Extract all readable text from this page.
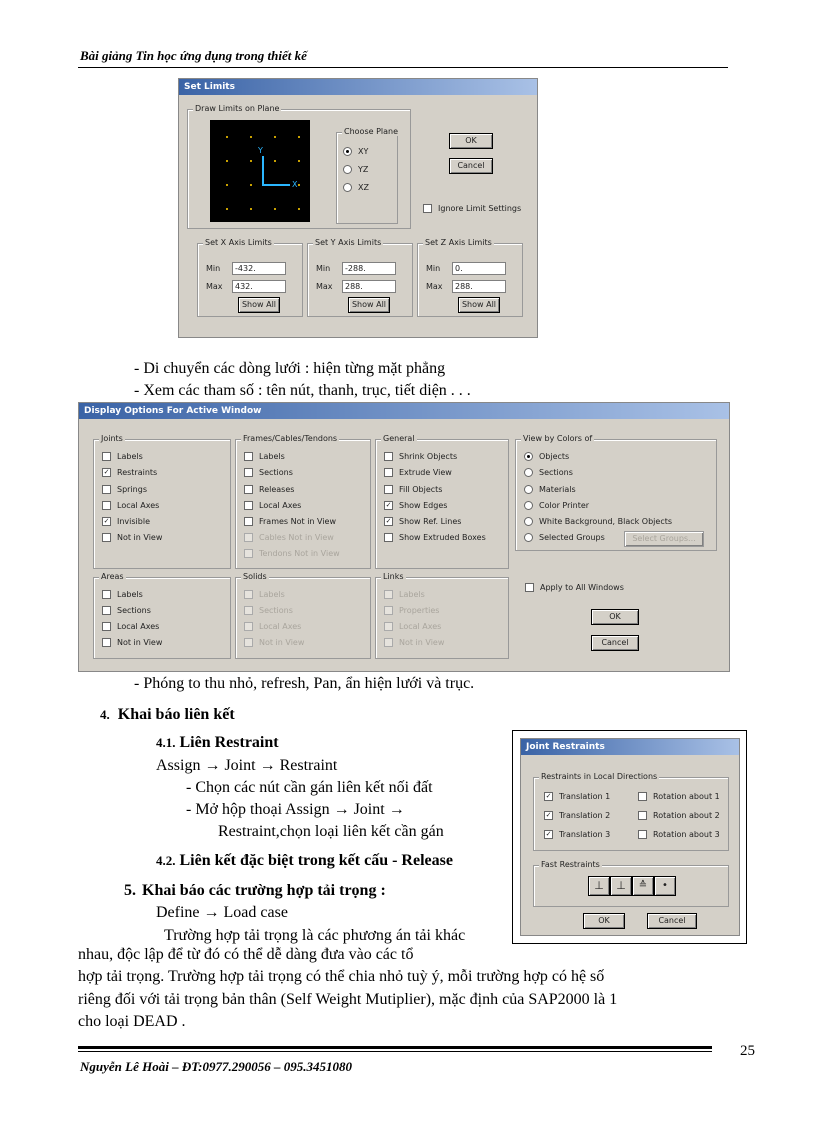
Bài giảng Tin học ứng dụng trong thiết kế
Set Limits
Draw Limits on Plane
Y
X
Choose Plane
XY
YZ
XZ
OK
Cancel
Ignore Limit Settings
Set X Axis Limits
Min	-432.
Max	432.
Show All
Set Y Axis Limits
Min	-288.
Max	288.
Show All
Set Z Axis Limits
Min	0.
Max	288.
Show All

- Di chuyển các dòng lưới : hiện từng mặt phẳng

- Xem các tham số : tên nút, thanh, trục, tiết diện . . .

Display Options For Active Window
Joints
Labels
✓ Restraints
Springs
Local Axes
✓ Invisible
Not in View
Frames/Cables/Tendons
Labels
Sections
Releases
Local Axes
Frames Not in View
Cables Not in View
Tendons Not in View
General
Shrink Objects
Extrude View
Fill Objects
✓ Show Edges
✓ Show Ref. Lines
Show Extruded Boxes
View by Colors of
Objects
Sections
Materials
Color Printer
White Background, Black Objects
Selected Groups	Select Groups...
Areas
Labels
Sections
Local Axes
Not in View
Solids
Labels
Sections
Local Axes
Not in View
Links
Labels
Properties
Local Axes
Not in View
Apply to All Windows
OK
Cancel

- Phóng to thu nhỏ, refresh, Pan, ẩn hiện lưới và trục.

4. Khai báo liên kết

4.1. Liên Restraint

Assign → Joint → Restraint

- Chọn các nút cần gán liên kết nối đất

- Mở hộp thoại Assign → Joint →

Restraint,chọn loại liên kết cần gán

4.2. Liên kết đặc biệt trong kết cấu - Release

5. Khai báo các trường hợp tải trọng :

Define → Load case

Trường hợp tải trọng là các phương án tải khác

nhau, độc lập để từ đó có thể dễ dàng đưa vào các tổ

hợp tải trọng. Trường hợp tải trọng có thể chia nhỏ tuỳ ý, mỗi trường hợp có hệ số

riêng đối với tải trọng bản thân (Self Weight Mutiplier), mặc định của SAP2000 là 1

cho loại DEAD .

Joint Restraints
Restraints in Local Directions
✓ Translation 1
✓ Translation 2
✓ Translation 3
Rotation about 1
Rotation about 2
Rotation about 3
Fast Restraints
⊥	⊥	≙	•
OK	Cancel
25
Nguyễn Lê Hoài – ĐT:0977.290056 – 095.3451080
